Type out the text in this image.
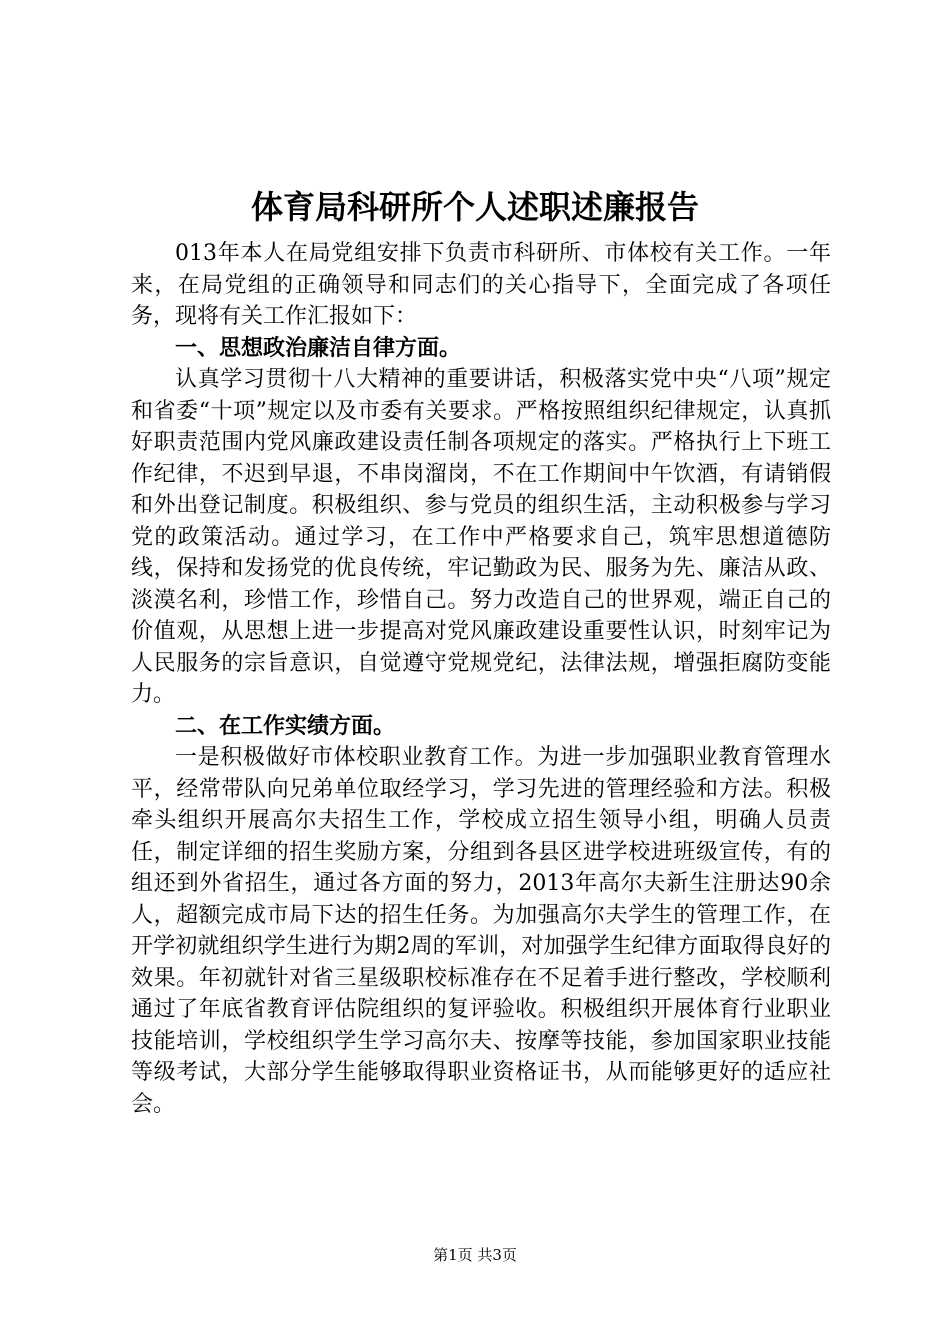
体育局科研所个人述职述廉报告

013年本人在局党组安排下负责市科研所、市体校有关工作。一年来，在局党组的正确领导和同志们的关心指导下，全面完成了各项任务，现将有关工作汇报如下：

一、思想政治廉洁自律方面。

认真学习贯彻十八大精神的重要讲话，积极落实党中央“八项”规定和省委“十项”规定以及市委有关要求。严格按照组织纪律规定，认真抓好职责范围内党风廉政建设责任制各项规定的落实。严格执行上下班工作纪律，不迟到早退，不串岗溜岗，不在工作期间中午饮酒，有请销假和外出登记制度。积极组织、参与党员的组织生活，主动积极参与学习党的政策活动。通过学习，在工作中严格要求自己，筑牢思想道德防线，保持和发扬党的优良传统，牢记勤政为民、服务为先、廉洁从政、淡漠名利，珍惜工作，珍惜自己。努力改造自己的世界观，端正自己的价值观，从思想上进一步提高对党风廉政建设重要性认识，时刻牢记为人民服务的宗旨意识，自觉遵守党规党纪，法律法规，增强拒腐防变能力。

二、在工作实绩方面。

一是积极做好市体校职业教育工作。为进一步加强职业教育管理水平，经常带队向兄弟单位取经学习，学习先进的管理经验和方法。积极牵头组织开展高尔夫招生工作，学校成立招生领导小组，明确人员责任，制定详细的招生奖励方案，分组到各县区进学校进班级宣传，有的组还到外省招生，通过各方面的努力，2013年高尔夫新生注册达90余人，超额完成市局下达的招生任务。为加强高尔夫学生的管理工作，在开学初就组织学生进行为期2周的军训，对加强学生纪律方面取得良好的效果。年初就针对省三星级职校标准存在不足着手进行整改，学校顺利通过了年底省教育评估院组织的复评验收。积极组织开展体育行业职业技能培训，学校组织学生学习高尔夫、按摩等技能，参加国家职业技能等级考试，大部分学生能够取得职业资格证书，从而能够更好的适应社会。

第1页 共3页
